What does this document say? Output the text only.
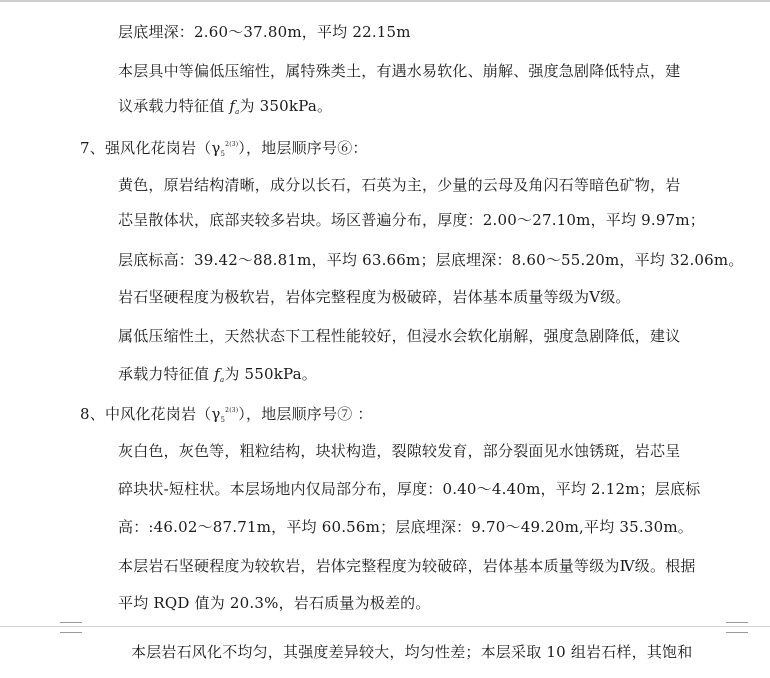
层底埋深：2.60～37.80m，平均 22.15m
本层具中等偏低压缩性，属特殊类土，有遇水易软化、崩解、强度急剧降低特点，建
议承载力特征值 $f_a$为 350kPa。
7、强风化花岗岩$(\gamma_5^{2(3)})$，地层顺序号⑥：
黄色，原岩结构清晰，成分以长石，石英为主，少量的云母及角闪石等暗色矿物，岩
芯呈散体状，底部夹较多岩块。场区普遍分布，厚度：2.00～27.10m，平均 9.97m；
层底标高：39.42～88.81m，平均 63.66m；层底埋深：8.60～55.20m，平均 32.06m。
岩石坚硬程度为极软岩，岩体完整程度为极破碎，岩体基本质量等级为Ⅴ级。
属低压缩性土，天然状态下工程性能较好，但浸水会软化崩解，强度急剧降低，建议
承载力特征值 $f_a$为 550kPa。
8、中风化花岗岩$(\gamma_5^{2(3)})$，地层顺序号⑦ ：
灰白色，灰色等，粗粒结构，块状构造，裂隙较发育，部分裂面见水蚀锈斑，岩芯呈
碎块状-短柱状。本层场地内仅局部分布，厚度：0.40～4.40m，平均 2.12m；层底标
高：:46.02～87.71m，平均 60.56m；层底埋深：9.70～49.20m,平均 35.30m。
本层岩石坚硬程度为较软岩，岩体完整程度为较破碎，岩体基本质量等级为Ⅳ级。根据
平均 RQD 值为 20.3%，岩石质量为极差的。
本层岩石风化不均匀，其强度差异较大，均匀性差；本层采取 10 组岩石样，其饱和
